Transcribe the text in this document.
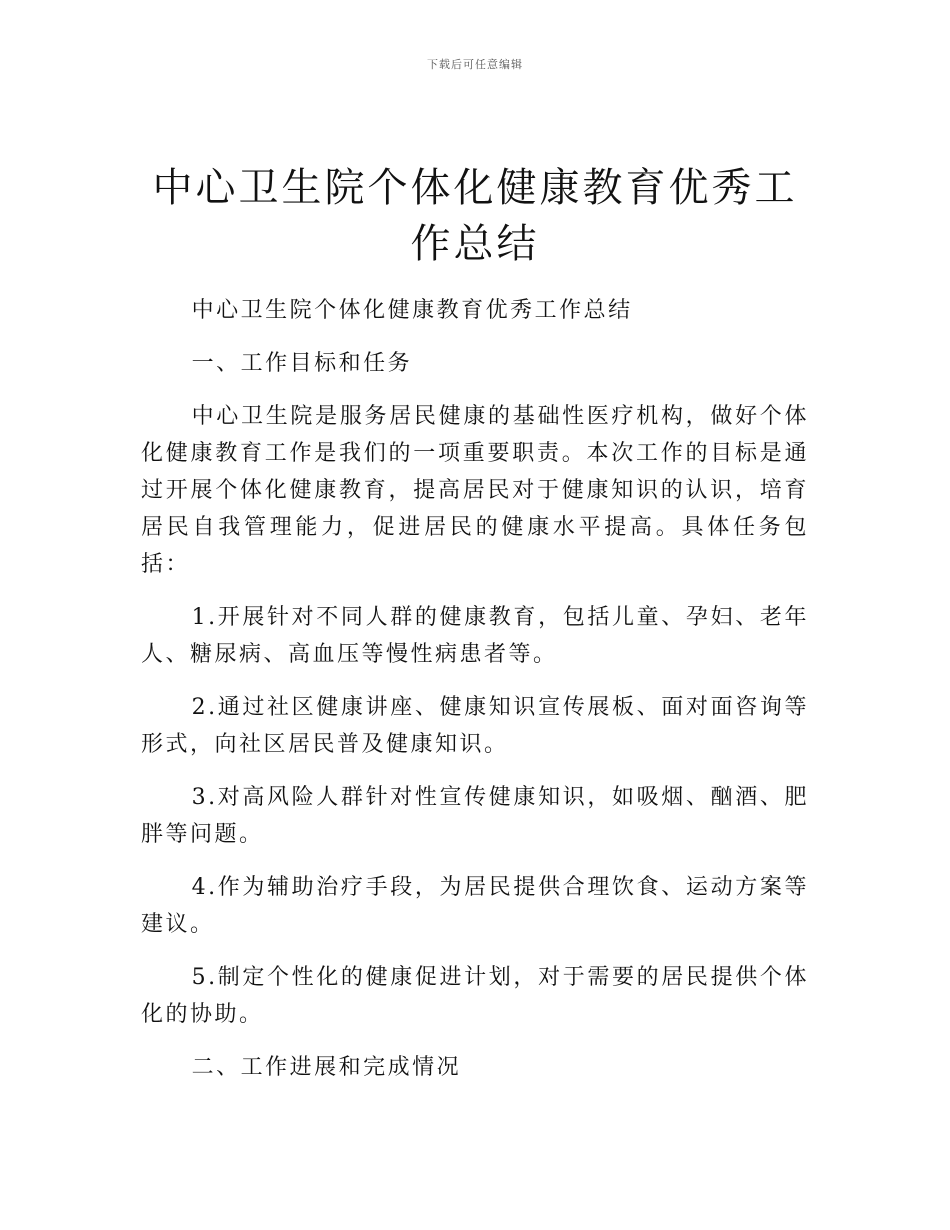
下载后可任意编辑
中心卫生院个体化健康教育优秀工作总结

中心卫生院个体化健康教育优秀工作总结

一、工作目标和任务

中心卫生院是服务居民健康的基础性医疗机构，做好个体化健康教育工作是我们的一项重要职责。本次工作的目标是通过开展个体化健康教育，提高居民对于健康知识的认识，培育居民自我管理能力，促进居民的健康水平提高。具体任务包括：

1.开展针对不同人群的健康教育，包括儿童、孕妇、老年人、糖尿病、高血压等慢性病患者等。

2.通过社区健康讲座、健康知识宣传展板、面对面咨询等形式，向社区居民普及健康知识。

3.对高风险人群针对性宣传健康知识，如吸烟、酗酒、肥胖等问题。

4.作为辅助治疗手段，为居民提供合理饮食、运动方案等建议。

5.制定个性化的健康促进计划，对于需要的居民提供个体化的协助。

二、工作进展和完成情况
